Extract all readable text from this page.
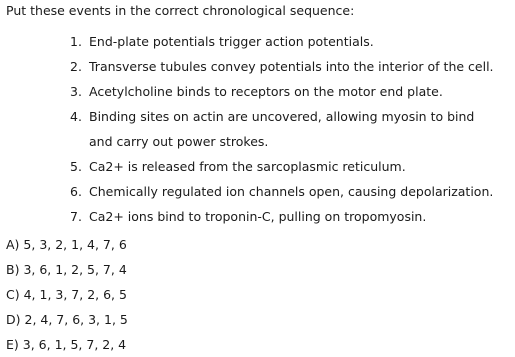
Put these events in the correct chronological sequence:
1. End-plate potentials trigger action potentials.
2. Transverse tubules convey potentials into the interior of the cell.
3. Acetylcholine binds to receptors on the motor end plate.
4. Binding sites on actin are uncovered, allowing myosin to bind and carry out power strokes.
5. Ca2+ is released from the sarcoplasmic reticulum.
6. Chemically regulated ion channels open, causing depolarization.
7. Ca2+ ions bind to troponin-C, pulling on tropomyosin.
A) 5, 3, 2, 1, 4, 7, 6
B) 3, 6, 1, 2, 5, 7, 4
C) 4, 1, 3, 7, 2, 6, 5
D) 2, 4, 7, 6, 3, 1, 5
E) 3, 6, 1, 5, 7, 2, 4
